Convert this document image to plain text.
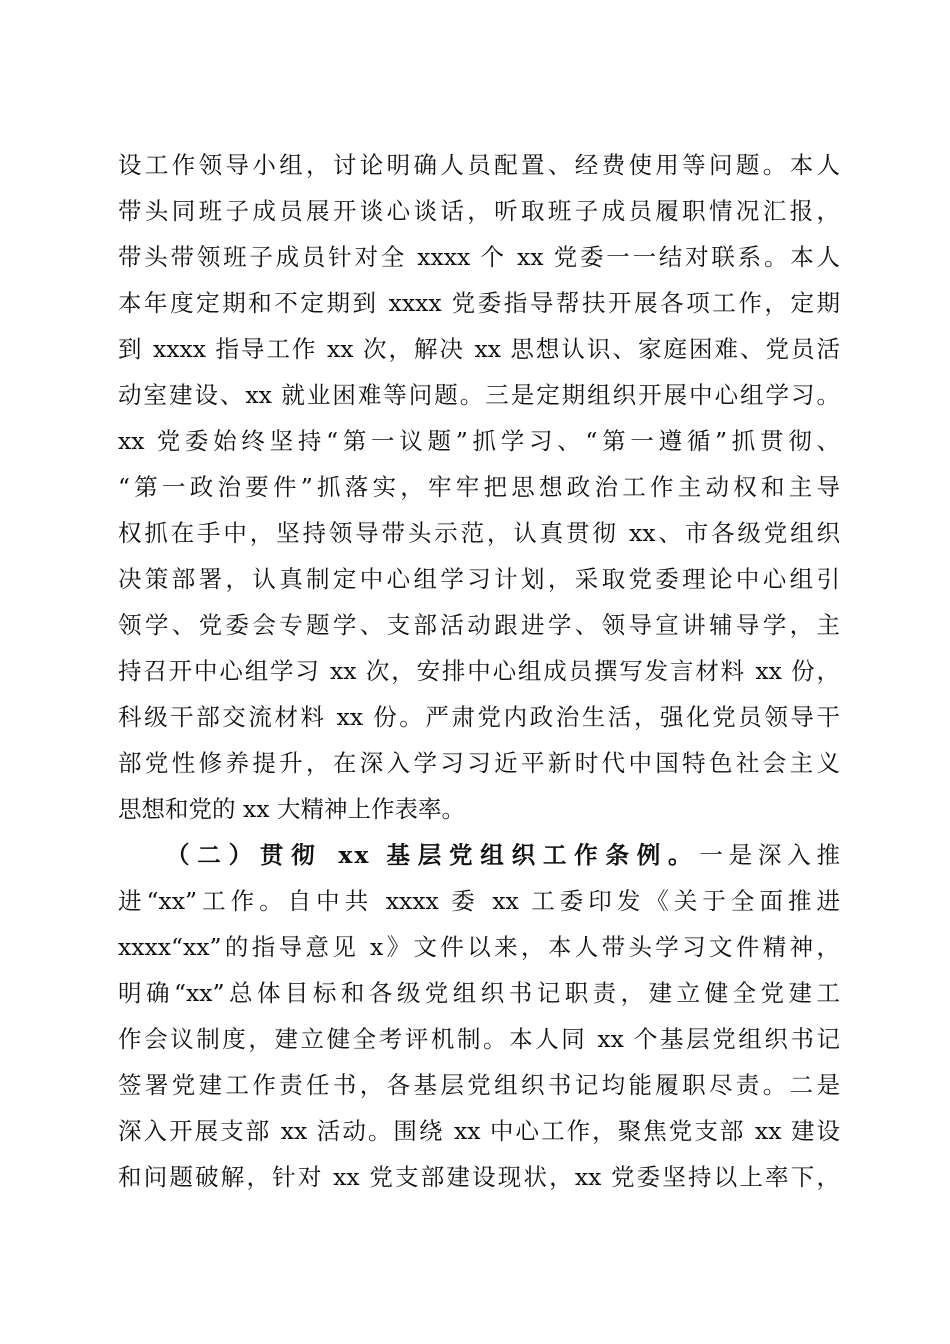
设工作领导小组，讨论明确人员配置、经费使用等问题。本人
带头同班子成员展开谈心谈话，听取班子成员履职情况汇报，
带头带领班子成员针对全 xxxx 个 xx 党委一一结对联系。本人
本年度定期和不定期到 xxxx 党委指导帮扶开展各项工作，定期
到 xxxx 指导工作 xx 次，解决 xx 思想认识、家庭困难、党员活
动室建设、xx 就业困难等问题。三是定期组织开展中心组学习。
xx 党委始终坚持“第一议题”抓学习、“第一遵循”抓贯彻、
“第一政治要件”抓落实，牢牢把思想政治工作主动权和主导
权抓在手中，坚持领导带头示范，认真贯彻 xx、市各级党组织
决策部署，认真制定中心组学习计划，采取党委理论中心组引
领学、党委会专题学、支部活动跟进学、领导宣讲辅导学，主
持召开中心组学习 xx 次，安排中心组成员撰写发言材料 xx 份，
科级干部交流材料 xx 份。严肃党内政治生活，强化党员领导干
部党性修养提升，在深入学习习近平新时代中国特色社会主义
思想和党的 xx 大精神上作表率。
（二）贯彻 xx 基层党组织工作条例。一是深入推
进“xx”工作。自中共 xxxx 委 xx 工委印发《关于全面推进
xxxx“xx”的指导意见 x》文件以来，本人带头学习文件精神，
明确“xx”总体目标和各级党组织书记职责，建立健全党建工
作会议制度，建立健全考评机制。本人同 xx 个基层党组织书记
签署党建工作责任书，各基层党组织书记均能履职尽责。二是
深入开展支部 xx 活动。围绕 xx 中心工作，聚焦党支部 xx 建设
和问题破解，针对 xx 党支部建设现状，xx 党委坚持以上率下，
